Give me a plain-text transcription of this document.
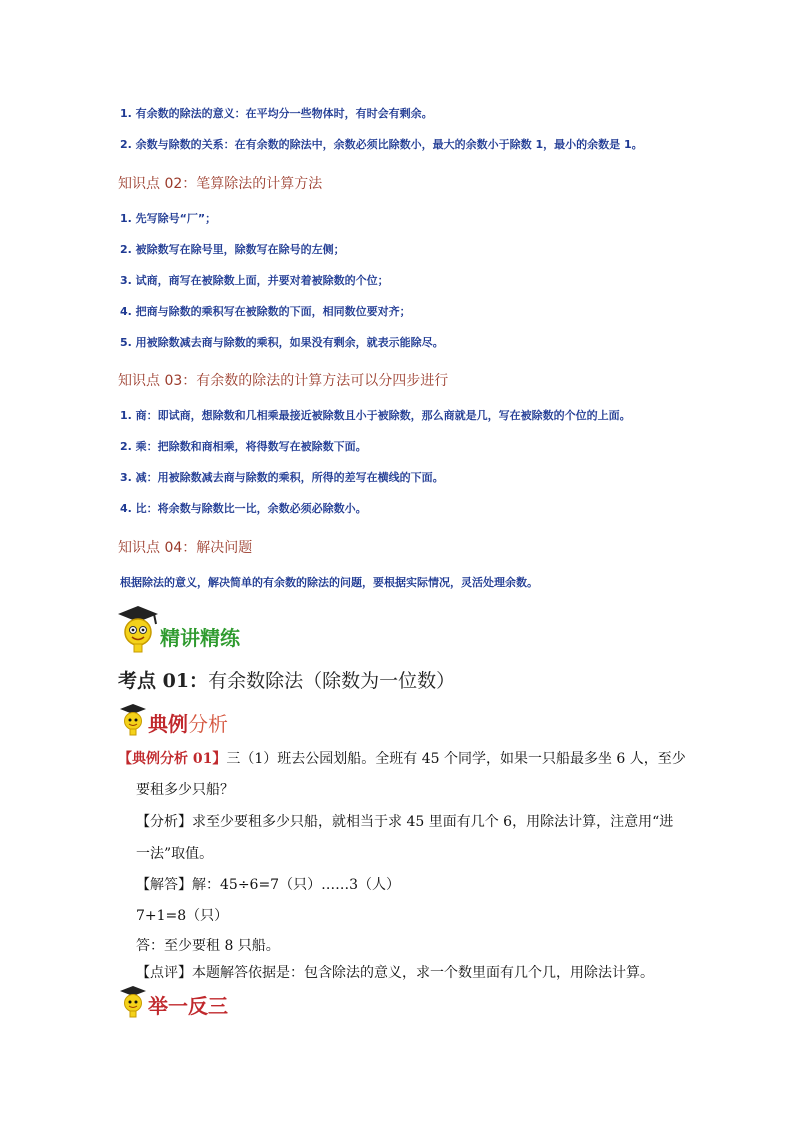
1. 有余数的除法的意义：在平均分一些物体时，有时会有剩余。
2. 余数与除数的关系：在有余数的除法中，余数必须比除数小，最大的余数小于除数 1，最小的余数是 1。
知识点 02：笔算除法的计算方法
1. 先写除号“厂”；
2. 被除数写在除号里，除数写在除号的左侧；
3. 试商，商写在被除数上面，并要对着被除数的个位；
4. 把商与除数的乘积写在被除数的下面，相同数位要对齐；
5. 用被除数减去商与除数的乘积，如果没有剩余，就表示能除尽。
知识点 03：有余数的除法的计算方法可以分四步进行
1. 商：即试商，想除数和几相乘最接近被除数且小于被除数，那么商就是几，写在被除数的个位的上面。
2. 乘：把除数和商相乘，将得数写在被除数下面。
3. 减：用被除数减去商与除数的乘积，所得的差写在横线的下面。
4. 比：将余数与除数比一比，余数必须必除数小。
知识点 04：解决问题
根据除法的意义，解决简单的有余数的除法的问题，要根据实际情况，灵活处理余数。
精讲精练
考点 01：有余数除法（除数为一位数）
典例分析
【典例分析 01】三（1）班去公园划船。全班有 45 个同学，如果一只船最多坐 6 人，至少
要租多少只船？
【分析】求至少要租多少只船，就相当于求 45 里面有几个 6，用除法计算，注意用“进
一法”取值。
【解答】解：45÷6=7（只）……3（人）
7+1=8（只）
答：至少要租 8 只船。
【点评】本题解答依据是：包含除法的意义，求一个数里面有几个几，用除法计算。
举一反三
